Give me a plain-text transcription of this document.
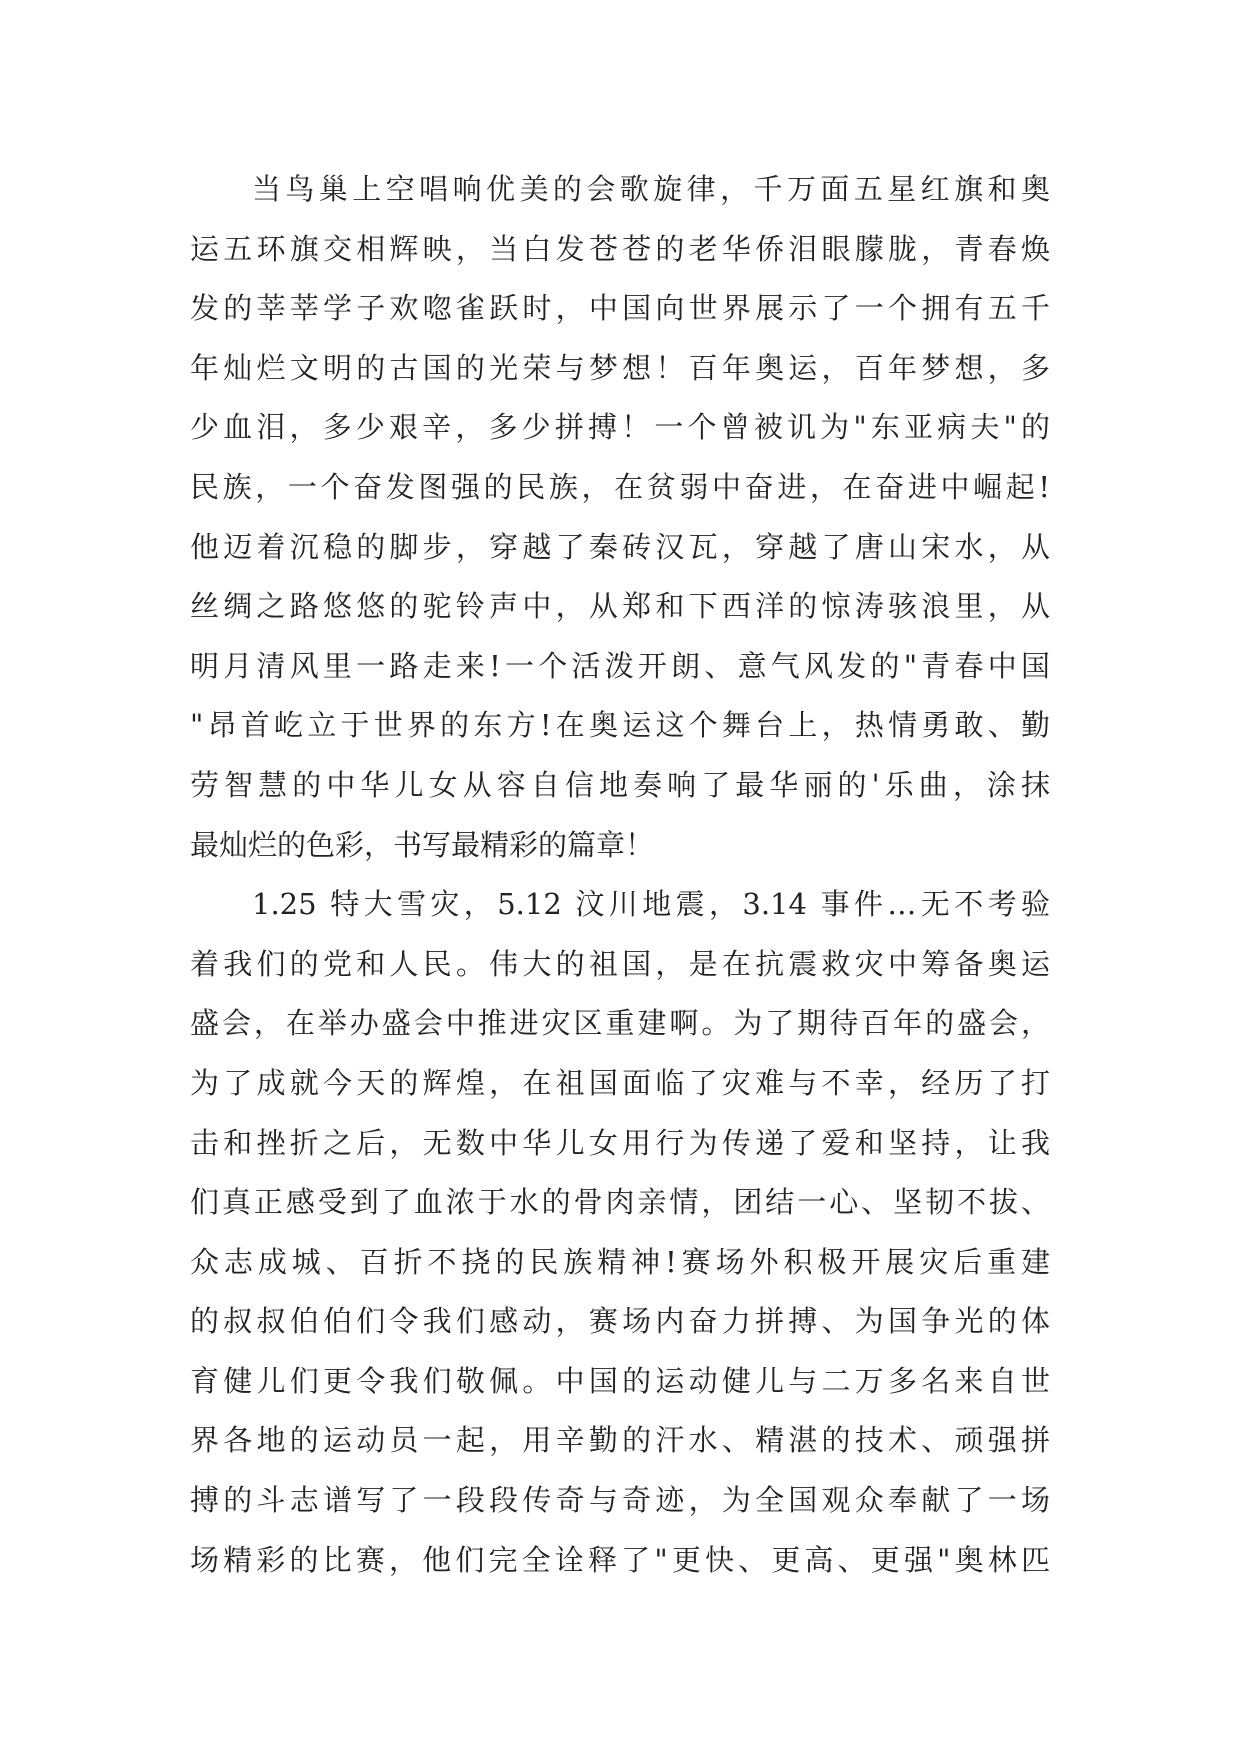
当鸟巢上空唱响优美的会歌旋律，千万面五星红旗和奥
运五环旗交相辉映，当白发苍苍的老华侨泪眼朦胧，青春焕
发的莘莘学子欢唿雀跃时，中国向世界展示了一个拥有五千
年灿烂文明的古国的光荣与梦想！百年奥运，百年梦想，多
少血泪，多少艰辛，多少拼搏！一个曾被讥为"东亚病夫"的
民族，一个奋发图强的民族，在贫弱中奋进，在奋进中崛起!
他迈着沉稳的脚步，穿越了秦砖汉瓦，穿越了唐山宋水，从
丝绸之路悠悠的驼铃声中，从郑和下西洋的惊涛骇浪里，从
明月清风里一路走来!一个活泼开朗、意气风发的"青春中国
"昂首屹立于世界的东方!在奥运这个舞台上，热情勇敢、勤
劳智慧的中华儿女从容自信地奏响了最华丽的'乐曲，涂抹
最灿烂的色彩，书写最精彩的篇章！
1.25 特大雪灾，5.12 汶川地震，3.14 事件…无不考验
着我们的党和人民。伟大的祖国，是在抗震救灾中筹备奥运
盛会，在举办盛会中推进灾区重建啊。为了期待百年的盛会，
为了成就今天的辉煌，在祖国面临了灾难与不幸，经历了打
击和挫折之后，无数中华儿女用行为传递了爱和坚持，让我
们真正感受到了血浓于水的骨肉亲情，团结一心、坚韧不拔、
众志成城、百折不挠的民族精神!赛场外积极开展灾后重建
的叔叔伯伯们令我们感动，赛场内奋力拼搏、为国争光的体
育健儿们更令我们敬佩。中国的运动健儿与二万多名来自世
界各地的运动员一起，用辛勤的汗水、精湛的技术、顽强拼
搏的斗志谱写了一段段传奇与奇迹，为全国观众奉献了一场
场精彩的比赛，他们完全诠释了"更快、更高、更强"奥林匹
